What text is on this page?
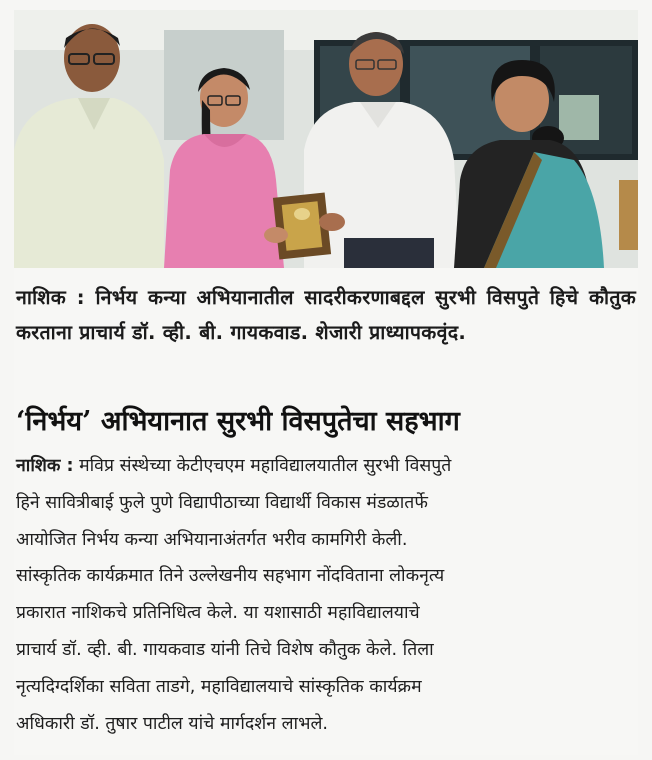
नाशिक : निर्भय कन्या अभियानातील सादरीकरणाबद्दल सुरभी विसपुते हिचे कौतुक करताना प्राचार्य डॉ. व्ही. बी. गायकवाड. शेजारी प्राध्यापकवृंद.
‘निर्भय’ अभियानात सुरभी विसपुतेचा सहभाग
नाशिक : मविप्र संस्थेच्या केटीएचएम महाविद्यालयातील सुरभी विसपुते
हिने सावित्रीबाई फुले पुणे विद्यापीठाच्या विद्यार्थी विकास मंडळातर्फे
आयोजित निर्भय कन्या अभियानाअंतर्गत भरीव कामगिरी केली.
सांस्कृतिक कार्यक्रमात तिने उल्लेखनीय सहभाग नोंदविताना लोकनृत्य
प्रकारात नाशिकचे प्रतिनिधित्व केले. या यशासाठी महाविद्यालयाचे
प्राचार्य डॉ. व्ही. बी. गायकवाड यांनी तिचे विशेष कौतुक केले. तिला
नृत्यदिग्दर्शिका सविता ताडगे, महाविद्यालयाचे सांस्कृतिक कार्यक्रम
अधिकारी डॉ. तुषार पाटील यांचे मार्गदर्शन लाभले.
